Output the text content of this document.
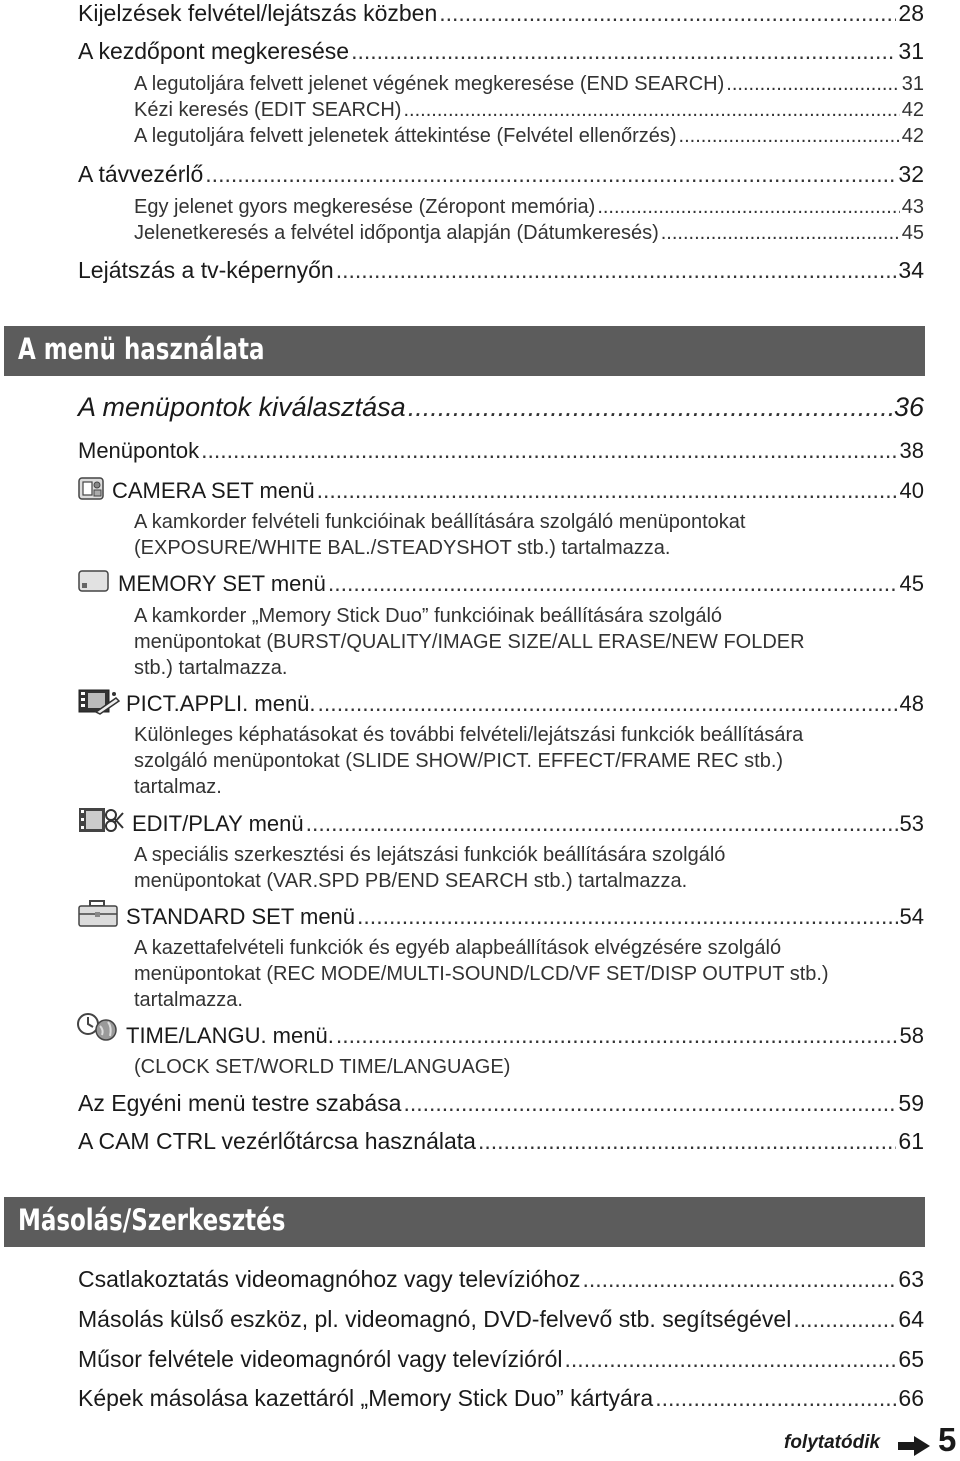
Kijelzések felvétel/lejátszás közben .....	28
A kezdőpont megkeresése .....	31
A legutoljára felvett jelenet végének megkeresése (END SEARCH) .....	31
Kézi keresés (EDIT SEARCH) .....	42
A legutoljára felvett jelenetek áttekintése (Felvétel ellenőrzés) .....	42
A távvezérlő .....	32
Egy jelenet gyors megkeresése (Zéropont memória) .....	43
Jelenetkeresés a felvétel időpontja alapján (Dátumkeresés) .....	45
Lejátszás a tv-képernyőn .....	34
A menü használata
A menüpontok kiválasztása .....	36
Menüpontok .....	38
CAMERA SET menü .....	40
A kamkorder felvételi funkcióinak beállítására szolgáló menüpontokat
(EXPOSURE/WHITE BAL./STEADYSHOT stb.) tartalmazza.
MEMORY SET menü .....	45
A kamkorder „Memory Stick Duo” funkcióinak beállítására szolgáló
menüpontokat (BURST/QUALITY/IMAGE SIZE/ALL ERASE/NEW FOLDER
stb.) tartalmazza.
PICT.APPLI. menü. .....	48
Különleges képhatásokat és további felvételi/lejátszási funkciók beállítására
szolgáló menüpontokat (SLIDE SHOW/PICT. EFFECT/FRAME REC stb.)
tartalmaz.
EDIT/PLAY menü .....	53
A speciális szerkesztési és lejátszási funkciók beállítására szolgáló
menüpontokat (VAR.SPD PB/END SEARCH stb.) tartalmazza.
STANDARD SET menü .....	54
A kazettafelvételi funkciók és egyéb alapbeállítások elvégzésére szolgáló
menüpontokat (REC MODE/MULTI-SOUND/LCD/VF SET/DISP OUTPUT stb.)
tartalmazza.
TIME/LANGU. menü. .....	58
(CLOCK SET/WORLD TIME/LANGUAGE)
Az Egyéni menü testre szabása .....	59
A CAM CTRL vezérlőtárcsa használata .....	61
Másolás/Szerkesztés
Csatlakoztatás videomagnóhoz vagy televízióhoz .....	63
Másolás külső eszköz, pl. videomagnó, DVD-felvevő stb. segítségével .....	64
Műsor felvétele videomagnóról vagy televízióról .....	65
Képek másolása kazettáról „Memory Stick Duo” kártyára .....	66
folytatódik 5
